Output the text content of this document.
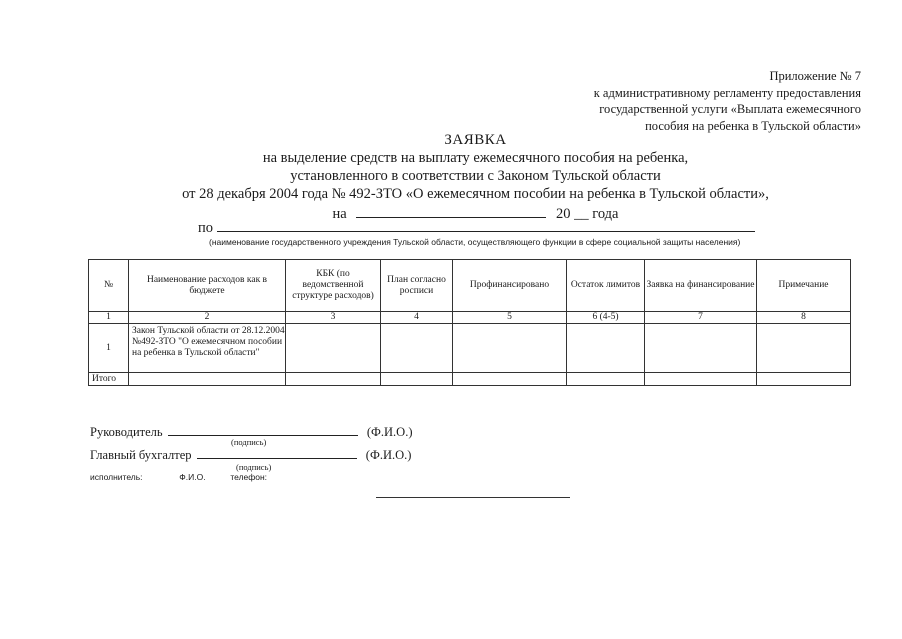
Приложение № 7
к административному регламенту предоставления
государственной услуги «Выплата ежемесячного
пособия на ребенка в Тульской области»
ЗАЯВКА
на выделение средств на выплату ежемесячного пособия на ребенка,
установленного в соответствии с Законом Тульской области
от 28 декабря 2004 года № 492-ЗТО «О ежемесячном пособии на ребенка в Тульской области»,
на	20 __ года
по
(наименование государственного учреждения Тульской области, осуществляющего функции в сфере социальной защиты населения)
№	Наименование расходов как в бюджете	КБК (по ведомственной структуре расходов)	План согласно росписи	Профинансировано	Остаток лимитов	Заявка на финансирование	Примечание
1	2	3	4	5	6 (4-5)	7	8
1	Закон Тульской области от 28.12.2004 №492-ЗТО "О ежемесячном пособии на ребенка в Тульской области"						
Итого							
Руководитель	(Ф.И.О.)
(подпись)
Главный бухгалтер	(Ф.И.О.)
(подпись)
исполнитель:	Ф.И.О.	телефон:
